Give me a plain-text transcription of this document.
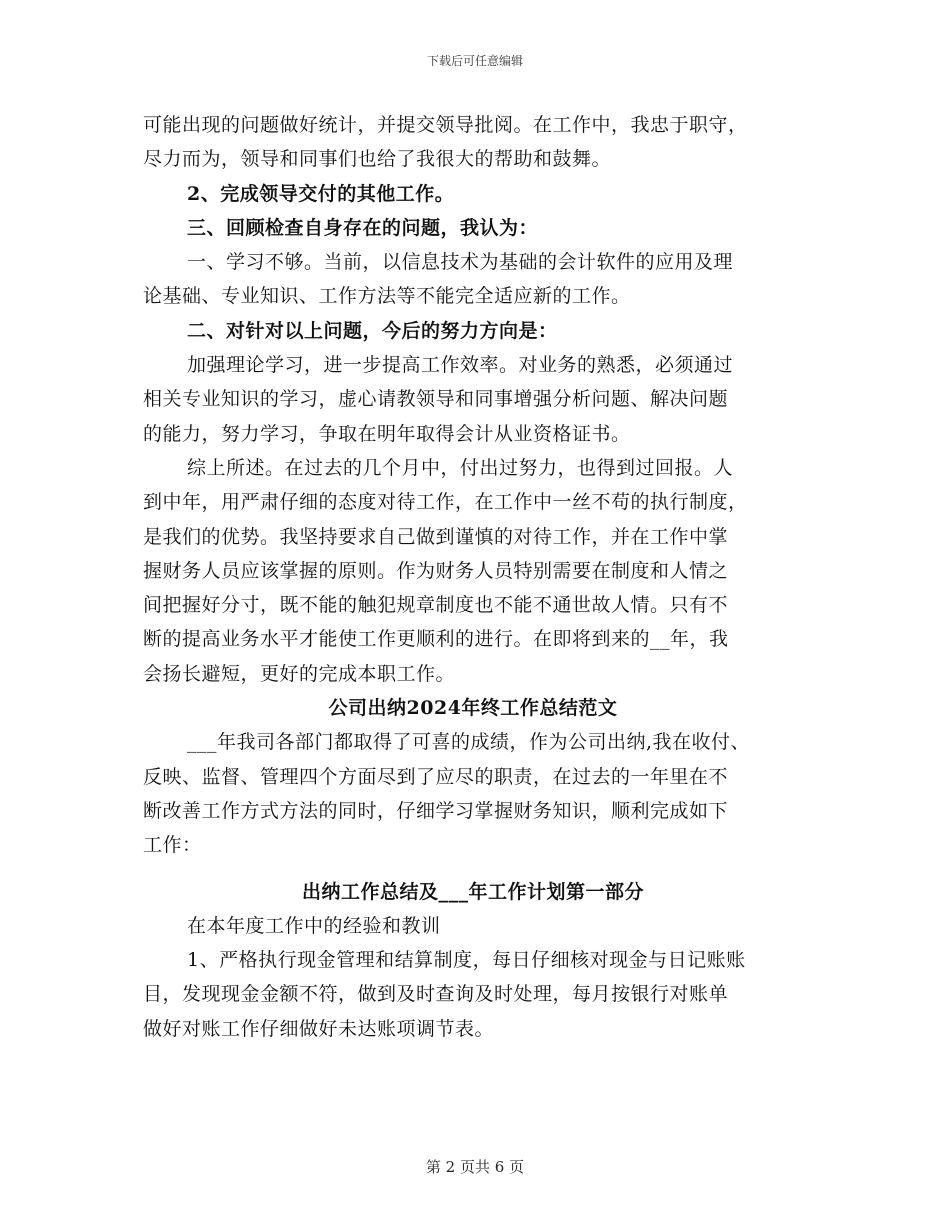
下载后可任意编辑
可能出现的问题做好统计，并提交领导批阅。在工作中，我忠于职守，
尽力而为，领导和同事们也给了我很大的帮助和鼓舞。
2、完成领导交付的其他工作。
三、回顾检查自身存在的问题，我认为：
一、学习不够。当前，以信息技术为基础的会计软件的应用及理
论基础、专业知识、工作方法等不能完全适应新的工作。
二、对针对以上问题，今后的努力方向是：
加强理论学习，进一步提高工作效率。对业务的熟悉，必须通过
相关专业知识的学习，虚心请教领导和同事增强分析问题、解决问题
的能力，努力学习，争取在明年取得会计从业资格证书。
综上所述。在过去的几个月中，付出过努力，也得到过回报。人
到中年，用严肃仔细的态度对待工作，在工作中一丝不苟的执行制度，
是我们的优势。我坚持要求自己做到谨慎的对待工作，并在工作中掌
握财务人员应该掌握的原则。作为财务人员特别需要在制度和人情之
间把握好分寸，既不能的触犯规章制度也不能不通世故人情。只有不
断的提高业务水平才能使工作更顺利的进行。在即将到来的__年，我
会扬长避短，更好的完成本职工作。
公司出纳2024年终工作总结范文
___年我司各部门都取得了可喜的成绩，作为公司出纳,我在收付、
反映、监督、管理四个方面尽到了应尽的职责，在过去的一年里在不
断改善工作方式方法的同时，仔细学习掌握财务知识，顺利完成如下
工作：
出纳工作总结及___年工作计划第一部分
在本年度工作中的经验和教训
1、严格执行现金管理和结算制度，每日仔细核对现金与日记账账
目，发现现金金额不符，做到及时查询及时处理，每月按银行对账单
做好对账工作仔细做好未达账项调节表。
第 2 页共 6 页
